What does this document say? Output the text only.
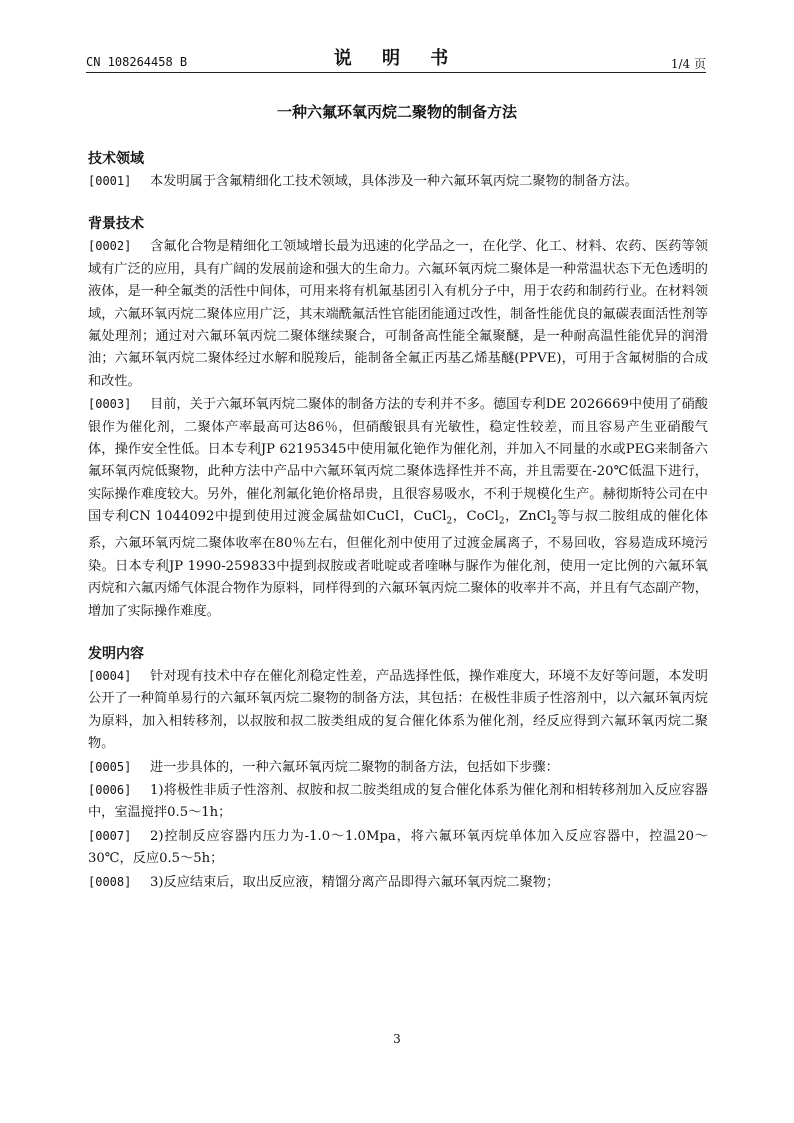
CN 108264458 B	说 明 书	1/4 页
一种六氟环氧丙烷二聚物的制备方法
技术领域

[0001] 本发明属于含氟精细化工技术领域，具体涉及一种六氟环氧丙烷二聚物的制备方法。

背景技术

[0002] 含氟化合物是精细化工领域增长最为迅速的化学品之一，在化学、化工、材料、农药、医药等领域有广泛的应用，具有广阔的发展前途和强大的生命力。六氟环氧丙烷二聚体是一种常温状态下无色透明的液体，是一种全氟类的活性中间体，可用来将有机氟基团引入有机分子中，用于农药和制药行业。在材料领域，六氟环氧丙烷二聚体应用广泛，其末端酰氟活性官能团能通过改性，制备性能优良的氟碳表面活性剂等氟处理剂；通过对六氟环氧丙烷二聚体继续聚合，可制备高性能全氟聚醚，是一种耐高温性能优异的润滑油；六氟环氧丙烷二聚体经过水解和脱羧后，能制备全氟正丙基乙烯基醚(PPVE)，可用于含氟树脂的合成和改性。

[0003] 目前，关于六氟环氧丙烷二聚体的制备方法的专利并不多。德国专利DE 2026669中使用了硝酸银作为催化剂，二聚体产率最高可达86％，但硝酸银具有光敏性，稳定性较差，而且容易产生亚硝酸气体，操作安全性低。日本专利JP 62195345中使用氟化铯作为催化剂，并加入不同量的水或PEG来制备六氟环氧丙烷低聚物，此种方法中产品中六氟环氧丙烷二聚体选择性并不高，并且需要在-20℃低温下进行，实际操作难度较大。另外，催化剂氟化铯价格昂贵，且很容易吸水，不利于规模化生产。赫彻斯特公司在中国专利CN 1044092中提到使用过渡金属盐如CuCl，CuCl$_2$，CoCl$_2$，ZnCl$_2$等与叔二胺组成的催化体系，六氟环氧丙烷二聚体收率在80％左右，但催化剂中使用了过渡金属离子，不易回收，容易造成环境污染。日本专利JP 1990-259833中提到叔胺或者吡啶或者喹啉与脲作为催化剂，使用一定比例的六氟环氧丙烷和六氟丙烯气体混合物作为原料，同样得到的六氟环氧丙烷二聚体的收率并不高，并且有气态副产物，增加了实际操作难度。

发明内容

[0004] 针对现有技术中存在催化剂稳定性差，产品选择性低，操作难度大，环境不友好等问题，本发明公开了一种简单易行的六氟环氧丙烷二聚物的制备方法，其包括：在极性非质子性溶剂中，以六氟环氧丙烷为原料，加入相转移剂，以叔胺和叔二胺类组成的复合催化体系为催化剂，经反应得到六氟环氧丙烷二聚物。

[0005] 进一步具体的，一种六氟环氧丙烷二聚物的制备方法，包括如下步骤：

[0006] 1)将极性非质子性溶剂、叔胺和叔二胺类组成的复合催化体系为催化剂和相转移剂加入反应容器中，室温搅拌0.5～1h；

[0007] 2)控制反应容器内压力为-1.0～1.0Mpa，将六氟环氧丙烷单体加入反应容器中，控温20～30℃，反应0.5～5h；

[0008] 3)反应结束后，取出反应液，精馏分离产品即得六氟环氧丙烷二聚物；

3
